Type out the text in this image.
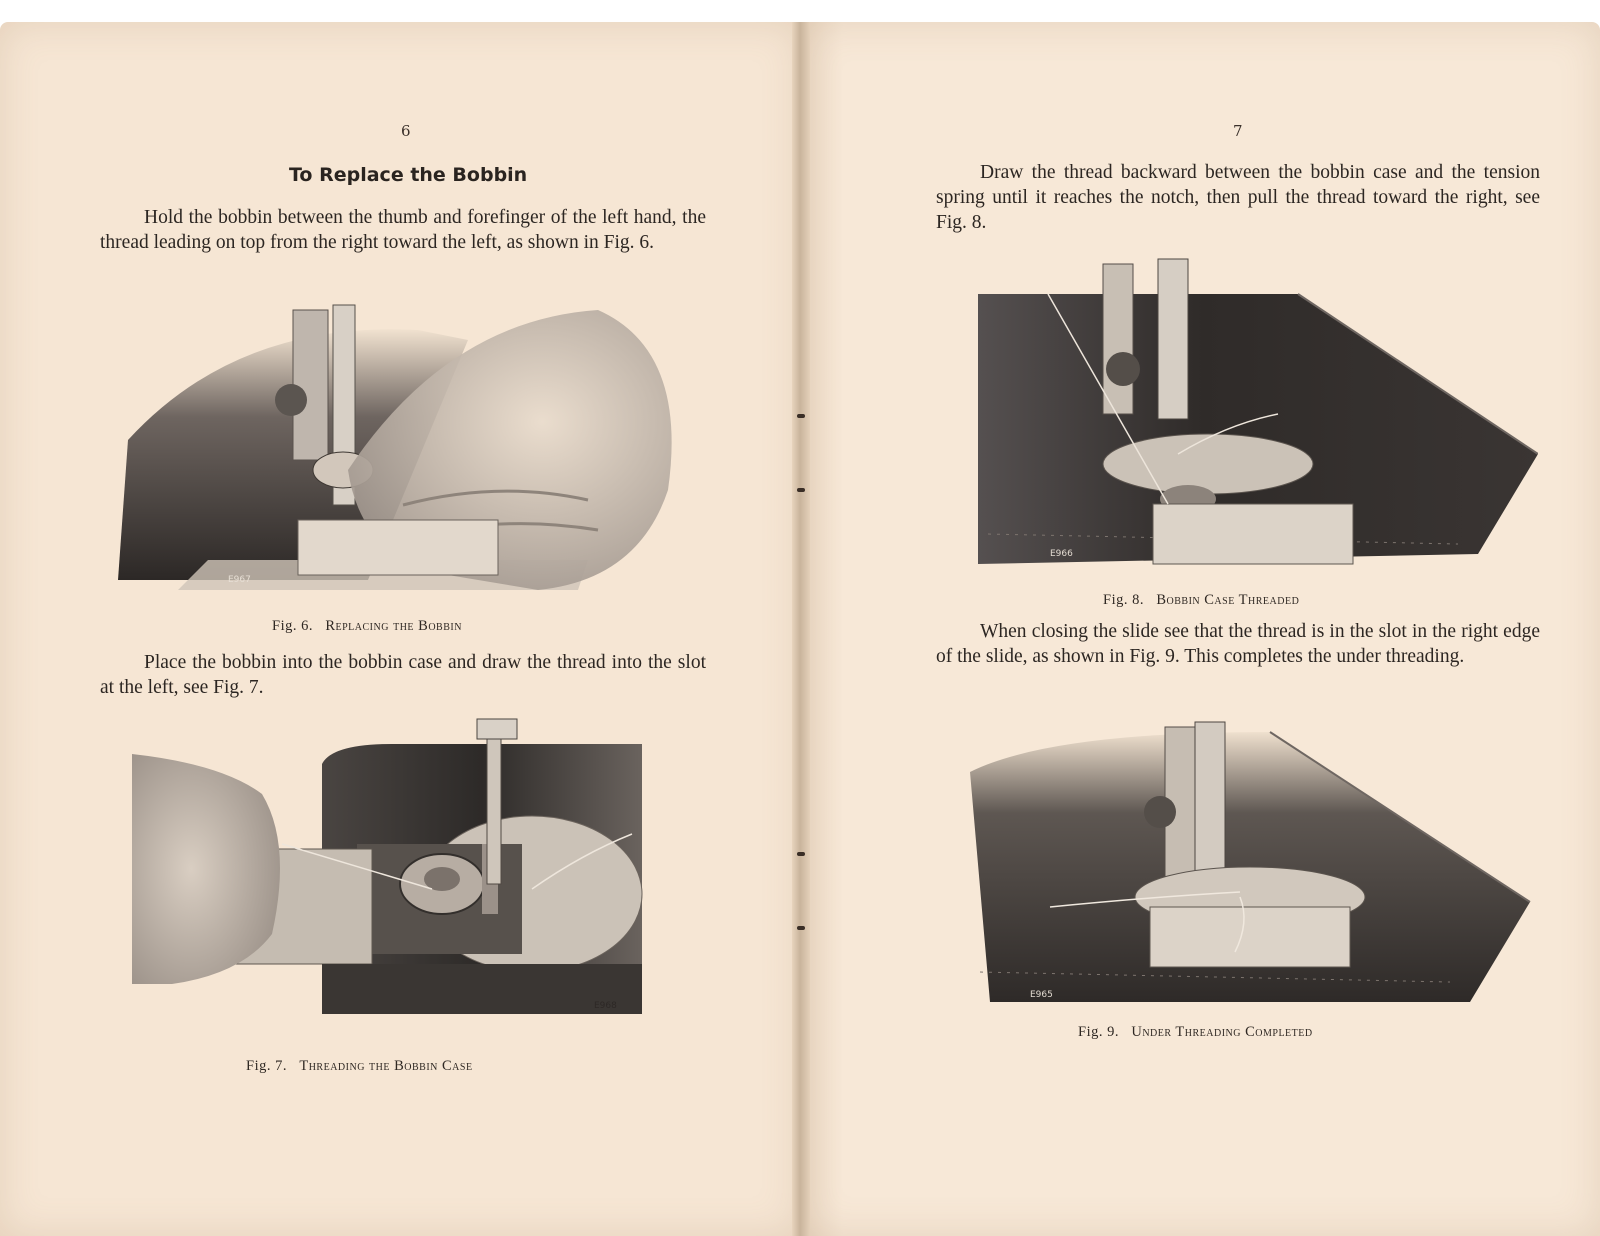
6
To Replace the Bobbin
Hold the bobbin between the thumb and forefinger of the left hand, the thread leading on top from the right toward the left, as shown in Fig. 6.
E967
Fig. 6. Replacing the Bobbin
Place the bobbin into the bobbin case and draw the thread into the slot at the left, see Fig. 7.
E968
Fig. 7. Threading the Bobbin Case
7
Draw the thread backward between the bobbin case and the tension spring until it reaches the notch, then pull the thread toward the right, see Fig. 8.
E966
Fig. 8. Bobbin Case Threaded
When closing the slide see that the thread is in the slot in the right edge of the slide, as shown in Fig. 9. This completes the under threading.
E965
Fig. 9. Under Threading Completed
